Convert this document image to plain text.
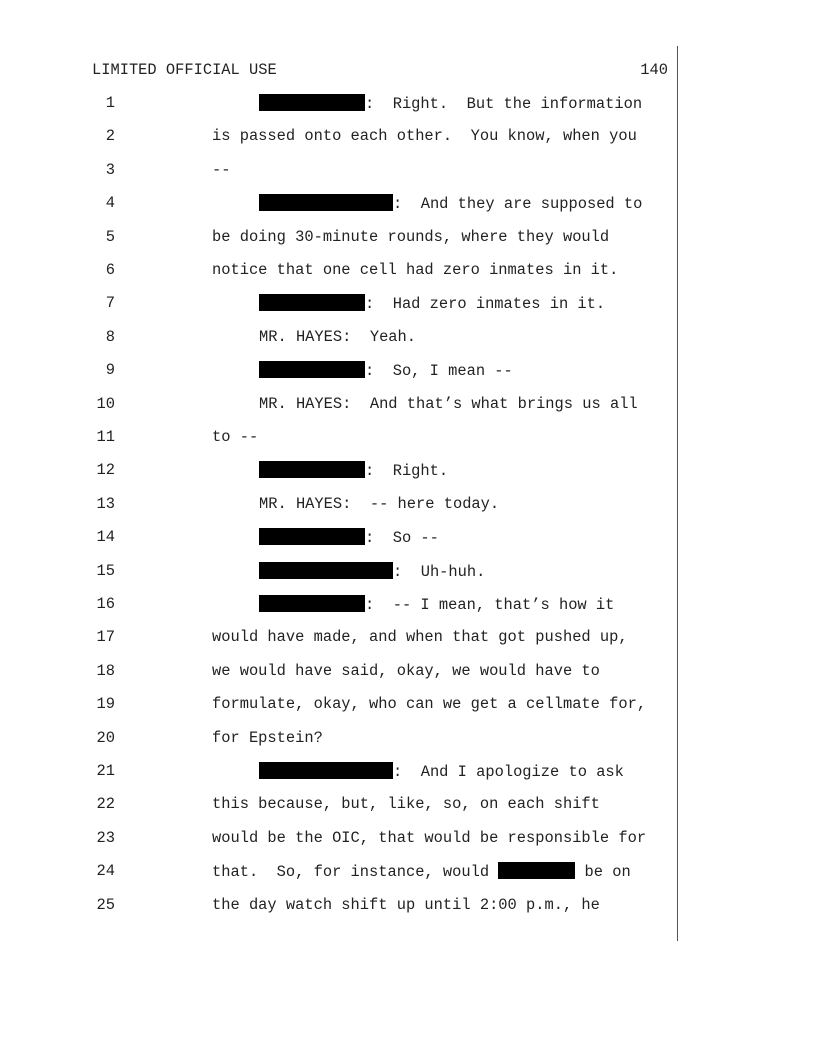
LIMITED OFFICIAL USE	140
1	:  Right.  But the information
2	is passed onto each other.  You know, when you
3	--
4	:  And they are supposed to
5	be doing 30-minute rounds, where they would
6	notice that one cell had zero inmates in it.
7	:  Had zero inmates in it.
8	MR. HAYES:  Yeah.
9	:  So, I mean --
10	MR. HAYES:  And that’s what brings us all
11	to --
12	:  Right.
13	MR. HAYES:  -- here today.
14	:  So --
15	:  Uh-huh.
16	:  -- I mean, that’s how it
17	would have made, and when that got pushed up,
18	we would have said, okay, we would have to
19	formulate, okay, who can we get a cellmate for,
20	for Epstein?
21	:  And I apologize to ask
22	this because, but, like, so, on each shift
23	would be the OIC, that would be responsible for
24	that.  So, for instance, would	be on
25	the day watch shift up until 2:00 p.m., he
